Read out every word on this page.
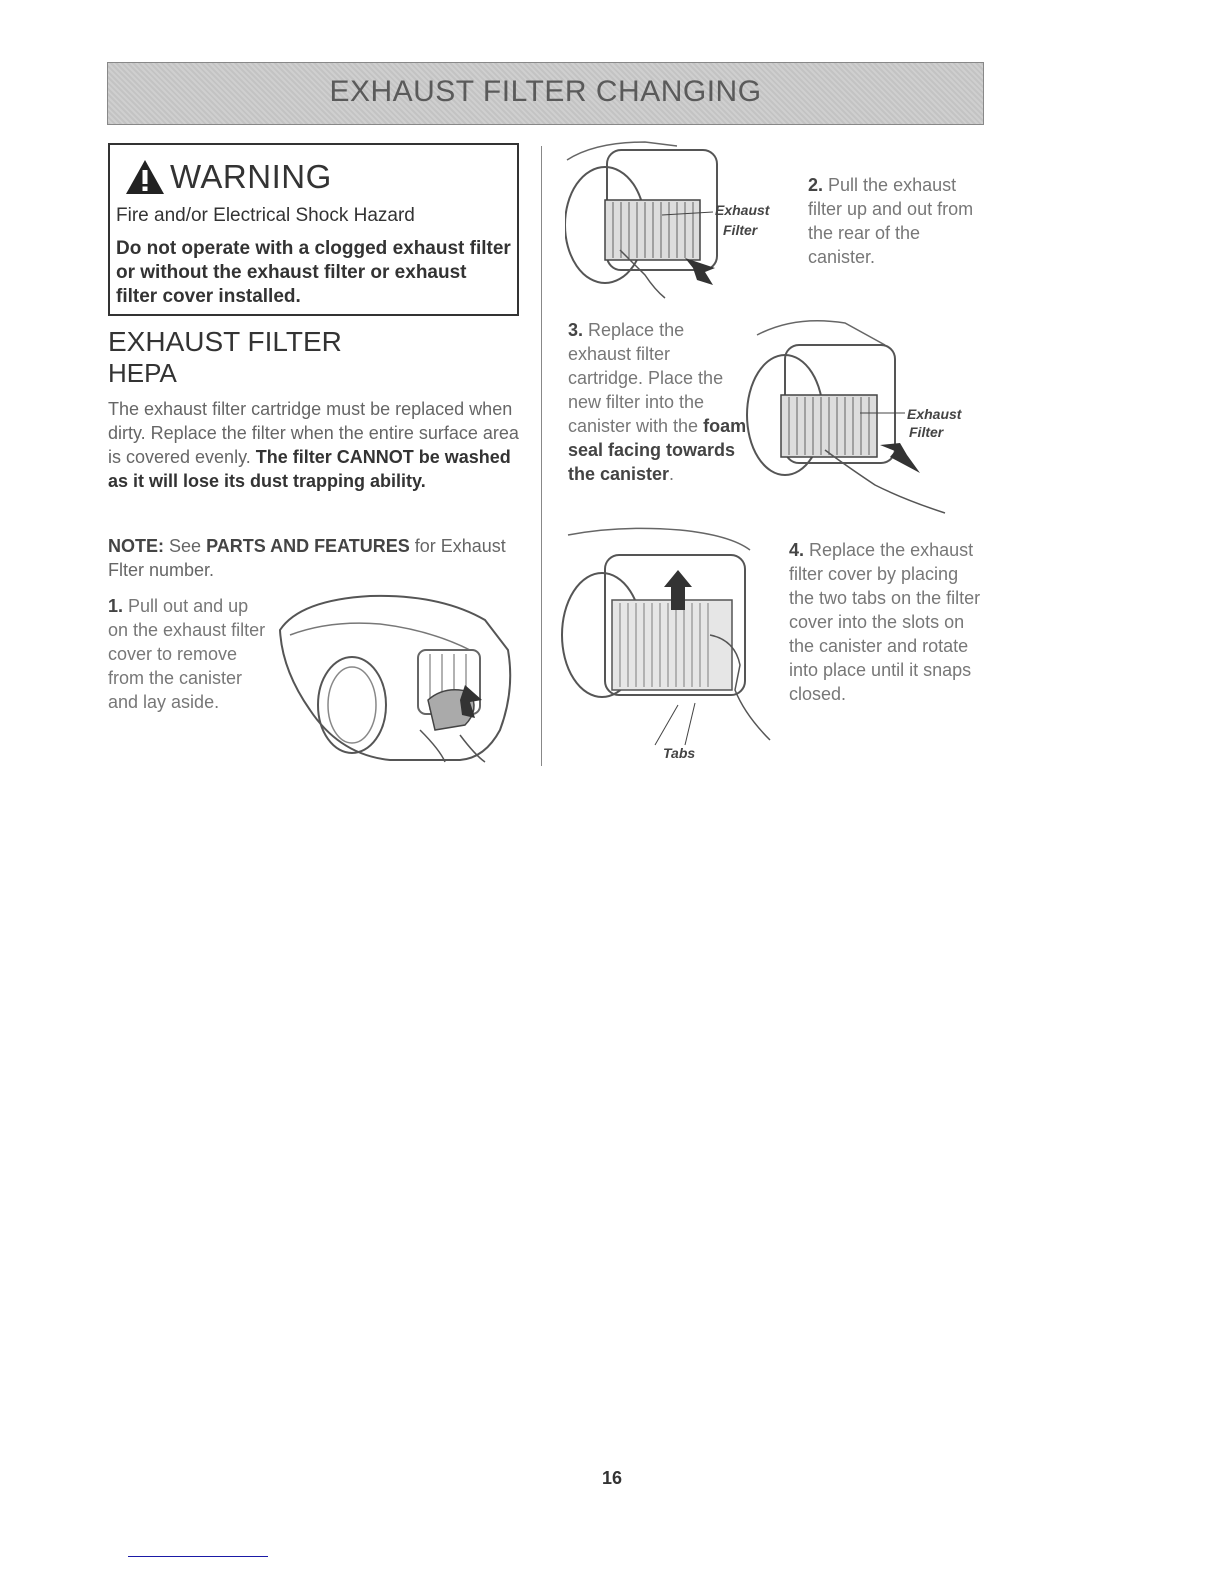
EXHAUST FILTER CHANGING
WARNING
Fire and/or Electrical Shock Hazard
Do not operate with a clogged exhaust filter or without the exhaust filter or exhaust filter cover installed.
EXHAUST FILTER
HEPA
The exhaust filter cartridge must be replaced when dirty. Replace the filter when the entire surface area is covered evenly. The filter CANNOT be washed as it will lose its dust trapping ability.
NOTE: See PARTS AND FEATURES for Exhaust Flter number.
1. Pull out and up on the exhaust filter cover to remove from the canister and lay aside.
Exhaust
Filter
2. Pull the exhaust filter up and out from the rear of the canister.
3. Replace the exhaust filter cartridge. Place the new filter into the canister with the foam seal facing towards the canister.
Exhaust
Filter
Tabs
4. Replace the exhaust filter cover by placing the two tabs on the filter cover into the slots on the canister and rotate into place until it snaps closed.
16
